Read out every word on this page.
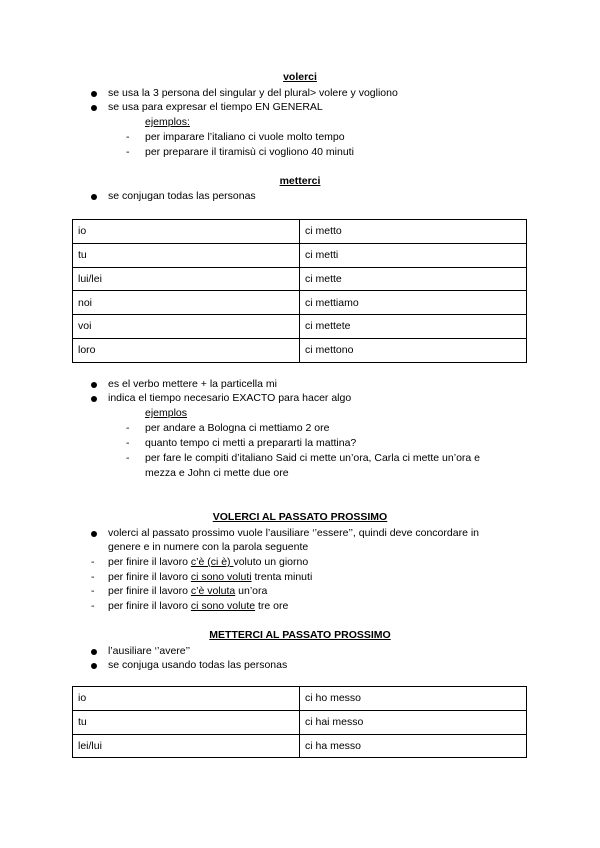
volerci
se usa la 3 persona del singular y del plural> volere y vogliono
se usa para expresar el tiempo EN GENERAL
ejemplos:
- per imparare l’italiano ci vuole molto tempo
- per preparare il tiramisù ci vogliono 40 minuti
metterci
se conjugan todas las personas
io	ci metto
tu	ci metti
lui/lei	ci mette
noi	ci mettiamo
voi	ci mettete
loro	ci mettono
es el verbo mettere + la particella mi
indica el tiempo necesario EXACTO para hacer algo
ejemplos
- per andare a Bologna ci mettiamo 2 ore
- quanto tempo ci metti a prepararti la mattina?
- per fare le compiti d’italiano Said ci mette un’ora, Carla ci mette un’ora e
mezza e John ci mette due ore
VOLERCI AL PASSATO PROSSIMO
volerci al passato prossimo vuole l’ausiliare ‘’essere’’, quindi deve concordare in
genere e in numere con la parola seguente
- per finire il lavoro c’è (ci è) voluto un giorno
- per finire il lavoro ci sono voluti trenta minuti
- per finire il lavoro c’è voluta un’ora
- per finire il lavoro ci sono volute tre ore
METTERCI AL PASSATO PROSSIMO
l’ausiliare ‘’avere’’
se conjuga usando todas las personas
io	ci ho messo
tu	ci hai messo
lei/lui	ci ha messo
